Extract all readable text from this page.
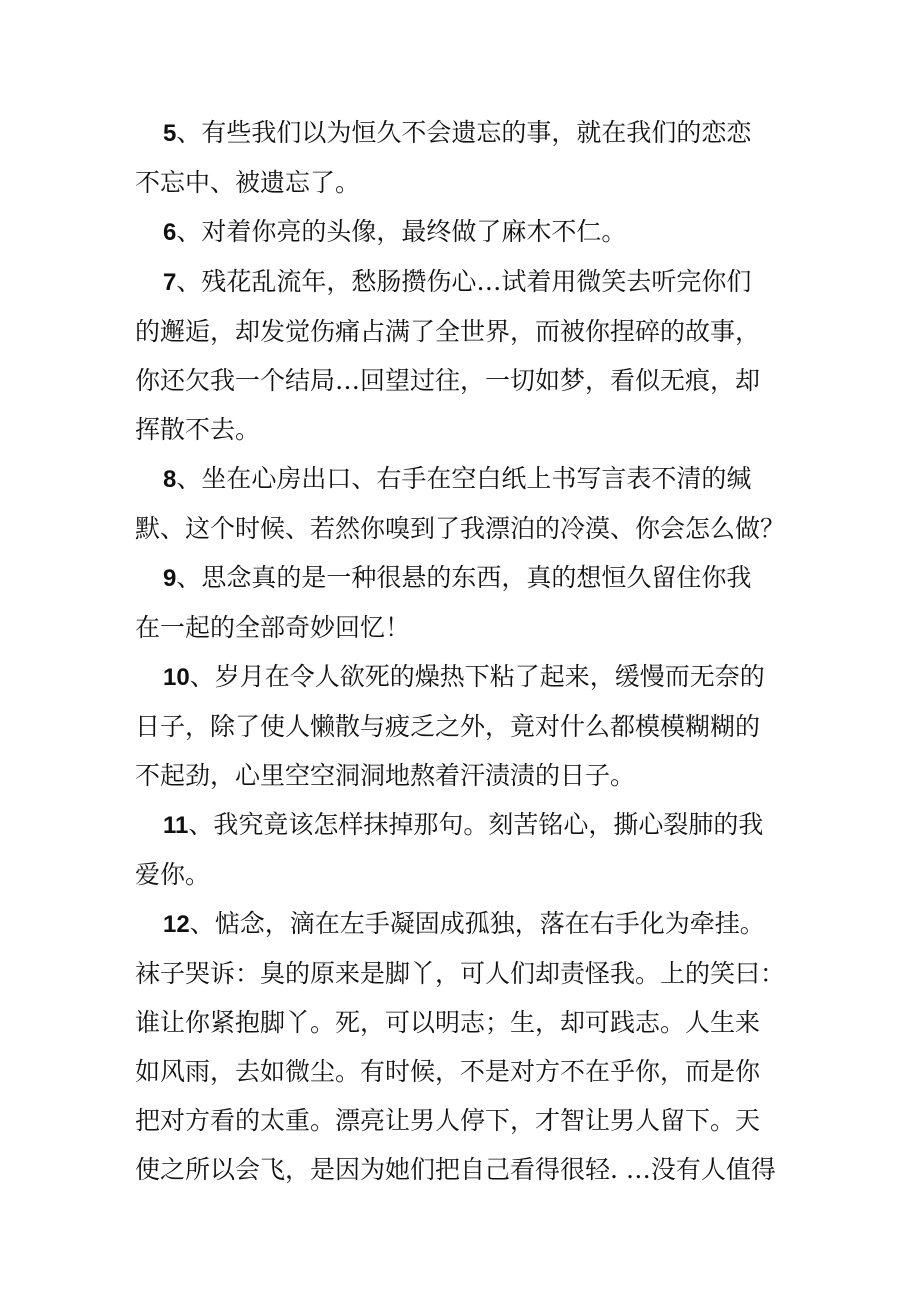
5、有些我们以为恒久不会遗忘的事，就在我们的恋恋
不忘中、被遗忘了。
6、对着你亮的头像，最终做了麻木不仁。
7、残花乱流年，愁肠攒伤心…试着用微笑去听完你们
的邂逅，却发觉伤痛占满了全世界，而被你捏碎的故事，
你还欠我一个结局…回望过往，一切如梦，看似无痕，却
挥散不去。
8、坐在心房出口、右手在空白纸上书写言表不清的缄
默、这个时候、若然你嗅到了我漂泊的冷漠、你会怎么做？
9、思念真的是一种很悬的东西，真的想恒久留住你我
在一起的全部奇妙回忆！
10、岁月在令人欲死的燥热下粘了起来，缓慢而无奈的
日子，除了使人懒散与疲乏之外，竟对什么都模模糊糊的
不起劲，心里空空洞洞地熬着汗渍渍的日子。
11、我究竟该怎样抹掉那句。刻苦铭心，撕心裂肺的我
爱你。
12、惦念，滴在左手凝固成孤独，落在右手化为牵挂。
袜子哭诉：臭的原来是脚丫，可人们却责怪我。上的笑曰：
谁让你紧抱脚丫。死，可以明志；生，却可践志。人生来
如风雨，去如微尘。有时候，不是对方不在乎你，而是你
把对方看的太重。漂亮让男人停下，才智让男人留下。天
使之所以会飞，是因为她们把自己看得很轻. …没有人值得
